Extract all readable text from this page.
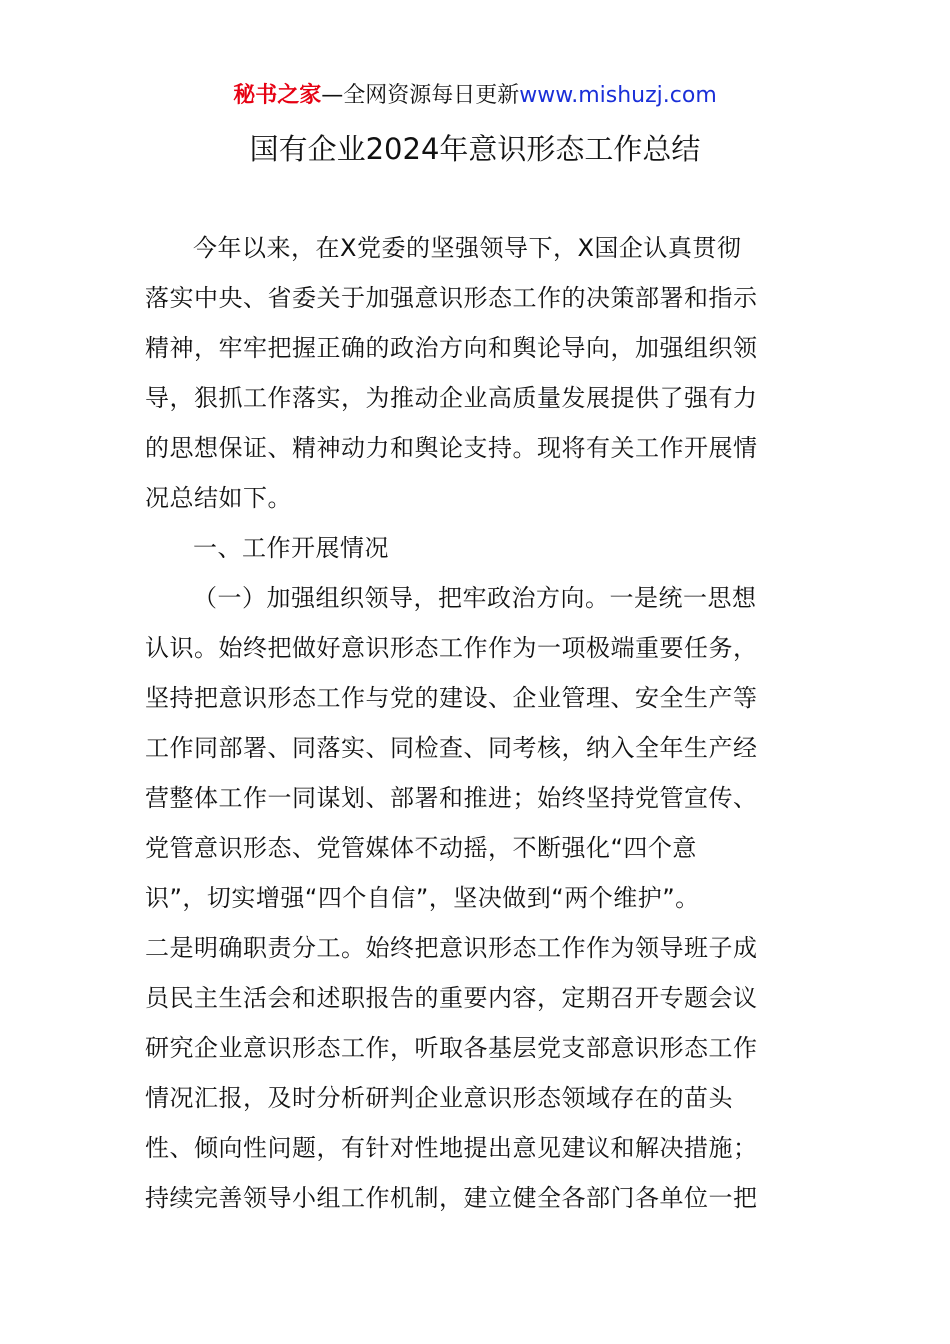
秘书之家—全网资源每日更新www.mishuzj.com
国有企业2024年意识形态工作总结
今年以来，在X党委的坚强领导下，X国企认真贯彻
落实中央、省委关于加强意识形态工作的决策部署和指示
精神，牢牢把握正确的政治方向和舆论导向，加强组织领
导，狠抓工作落实，为推动企业高质量发展提供了强有力
的思想保证、精神动力和舆论支持。现将有关工作开展情
况总结如下。
一、工作开展情况
（一）加强组织领导，把牢政治方向。一是统一思想
认识。始终把做好意识形态工作作为一项极端重要任务，
坚持把意识形态工作与党的建设、企业管理、安全生产等
工作同部署、同落实、同检查、同考核，纳入全年生产经
营整体工作一同谋划、部署和推进；始终坚持党管宣传、
党管意识形态、党管媒体不动摇，不断强化“四个意
识”，切实增强“四个自信”，坚决做到“两个维护”。
二是明确职责分工。始终把意识形态工作作为领导班子成
员民主生活会和述职报告的重要内容，定期召开专题会议
研究企业意识形态工作，听取各基层党支部意识形态工作
情况汇报，及时分析研判企业意识形态领域存在的苗头
性、倾向性问题，有针对性地提出意见建议和解决措施；
持续完善领导小组工作机制，建立健全各部门各单位一把
